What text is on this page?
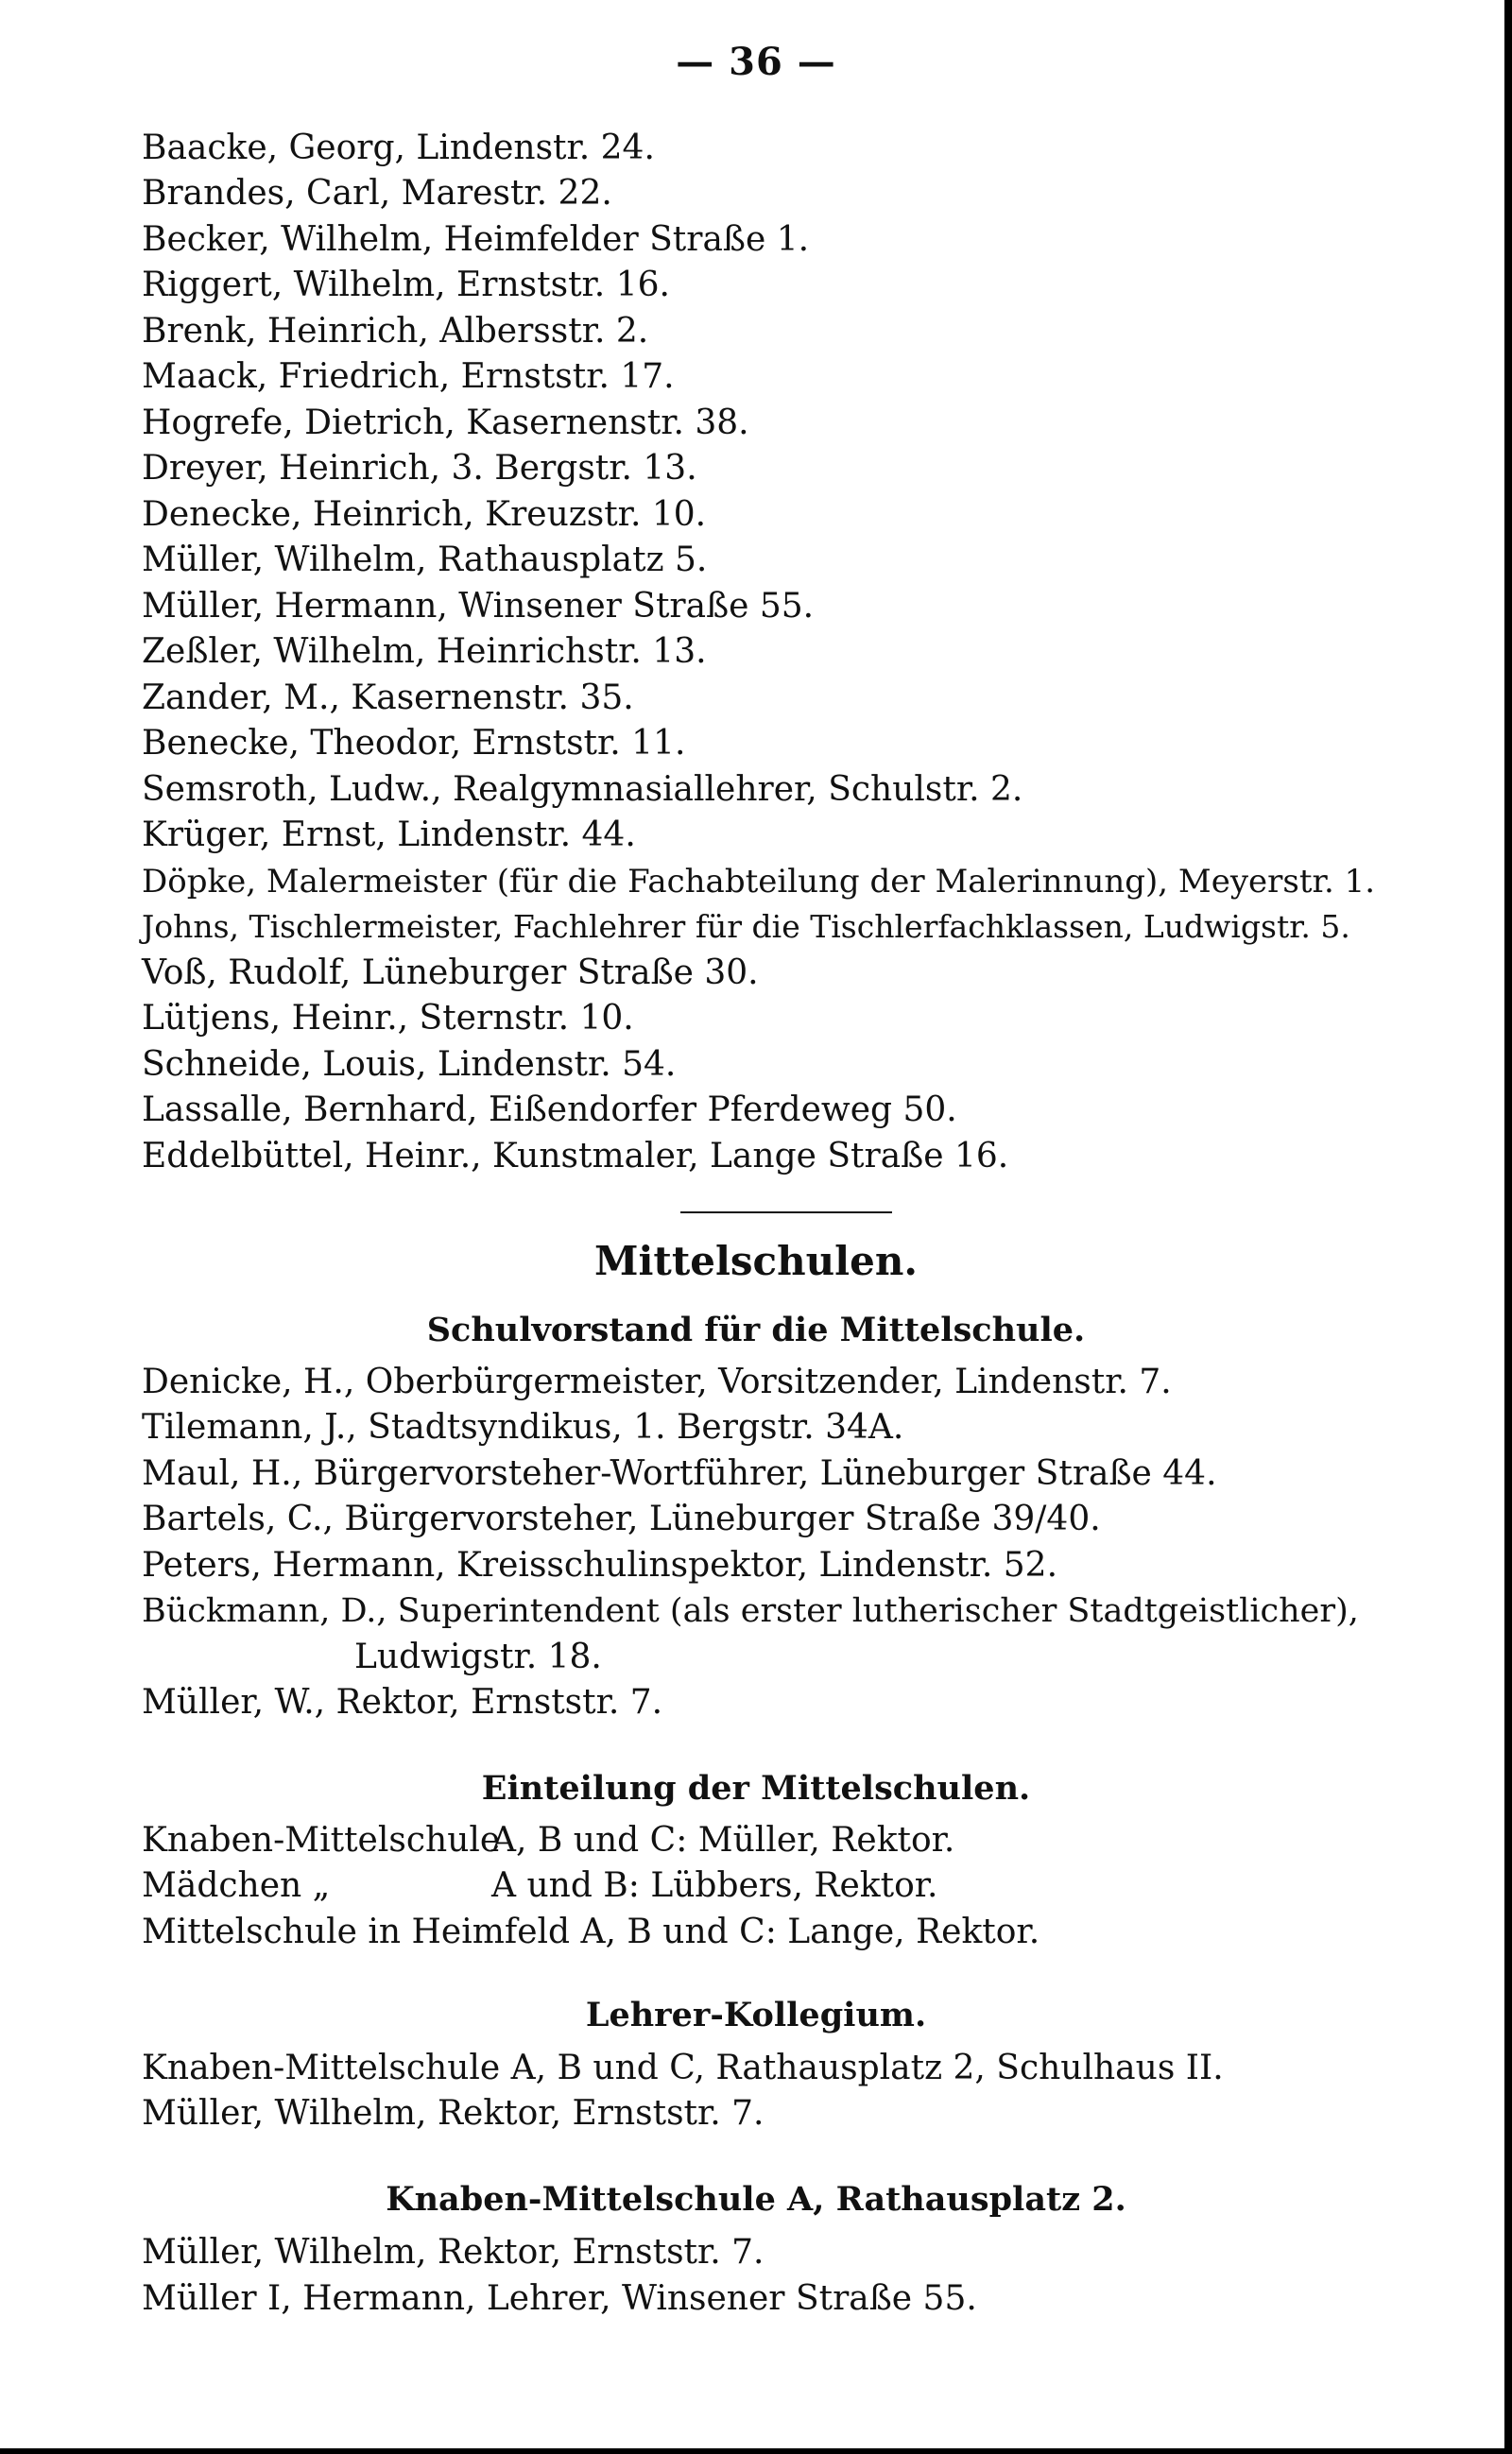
— 36 —
Baacke, Georg, Lindenstr. 24.
Brandes, Carl, Marestr. 22.
Becker, Wilhelm, Heimfelder Straße 1.
Riggert, Wilhelm, Ernststr. 16.
Brenk, Heinrich, Albersstr. 2.
Maack, Friedrich, Ernststr. 17.
Hogrefe, Dietrich, Kasernenstr. 38.
Dreyer, Heinrich, 3. Bergstr. 13.
Denecke, Heinrich, Kreuzstr. 10.
Müller, Wilhelm, Rathausplatz 5.
Müller, Hermann, Winsener Straße 55.
Zeßler, Wilhelm, Heinrichstr. 13.
Zander, M., Kasernenstr. 35.
Benecke, Theodor, Ernststr. 11.
Semsroth, Ludw., Realgymnasiallehrer, Schulstr. 2.
Krüger, Ernst, Lindenstr. 44.
Döpke, Malermeister (für die Fachabteilung der Malerinnung), Meyerstr. 1.
Johns, Tischlermeister, Fachlehrer für die Tischlerfachklassen, Ludwigstr. 5.
Voß, Rudolf, Lüneburger Straße 30.
Lütjens, Heinr., Sternstr. 10.
Schneide, Louis, Lindenstr. 54.
Lassalle, Bernhard, Eißendorfer Pferdeweg 50.
Eddelbüttel, Heinr., Kunstmaler, Lange Straße 16.
Mittelschulen.
Schulvorstand für die Mittelschule.
Denicke, H., Oberbürgermeister, Vorsitzender, Lindenstr. 7.
Tilemann, J., Stadtsyndikus, 1. Bergstr. 34A.
Maul, H., Bürgervorsteher-Wortführer, Lüneburger Straße 44.
Bartels, C., Bürgervorsteher, Lüneburger Straße 39/40.
Peters, Hermann, Kreisschulinspektor, Lindenstr. 52.
Bückmann, D., Superintendent (als erster lutherischer Stadtgeistlicher),
Ludwigstr. 18.
Müller, W., Rektor, Ernststr. 7.
Einteilung der Mittelschulen.
Knaben-Mittelschule
A, B und C: Müller, Rektor.
Mädchen „	A und B: Lübbers, Rektor.
Mittelschule in Heimfeld A, B und C: Lange, Rektor.
Lehrer-Kollegium.
Knaben-Mittelschule A, B und C, Rathausplatz 2, Schulhaus II.
Müller, Wilhelm, Rektor, Ernststr. 7.
Knaben-Mittelschule A, Rathausplatz 2.
Müller, Wilhelm, Rektor, Ernststr. 7.
Müller I, Hermann, Lehrer, Winsener Straße 55.
